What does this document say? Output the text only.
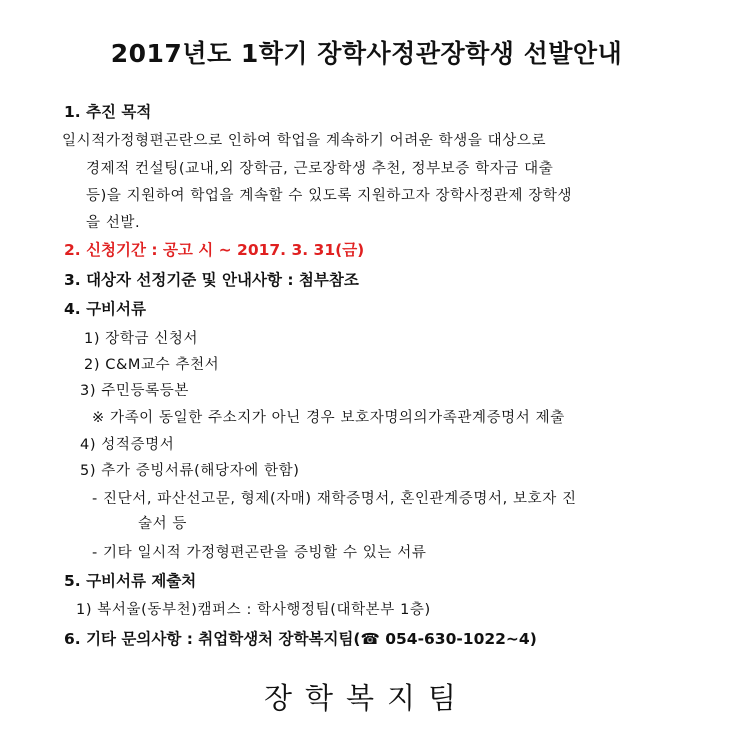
2017년도 1학기 장학사정관장학생 선발안내
1. 추진 목적
일시적가정형편곤란으로 인하여 학업을 계속하기 어려운 학생을 대상으로
경제적 컨설팅(교내,외 장학금, 근로장학생 추천, 정부보증 학자금 대출
등)을 지원하여 학업을 계속할 수 있도록 지원하고자 장학사정관제 장학생
을 선발.
2. 신청기간 : 공고 시 ~ 2017. 3. 31(금)
3. 대상자 선정기준 및 안내사항 : 첨부참조
4. 구비서류
1) 장학금 신청서
2) C&M교수 추천서
3) 주민등록등본
※ 가족이 동일한 주소지가 아닌 경우 보호자명의의가족관계증명서 제출
4) 성적증명서
5) 추가 증빙서류(해당자에 한함)
- 진단서, 파산선고문, 형제(자매) 재학증명서, 혼인관계증명서, 보호자 진
술서 등
- 기타 일시적 가정형편곤란을 증빙할 수 있는 서류
5. 구비서류 제출처
1) 복서울(동부천)캠퍼스 : 학사행정팀(대학본부 1층)
6. 기타 문의사항 : 취업학생처 장학복지팀(☎ 054-630-1022~4)
장학복지팀
